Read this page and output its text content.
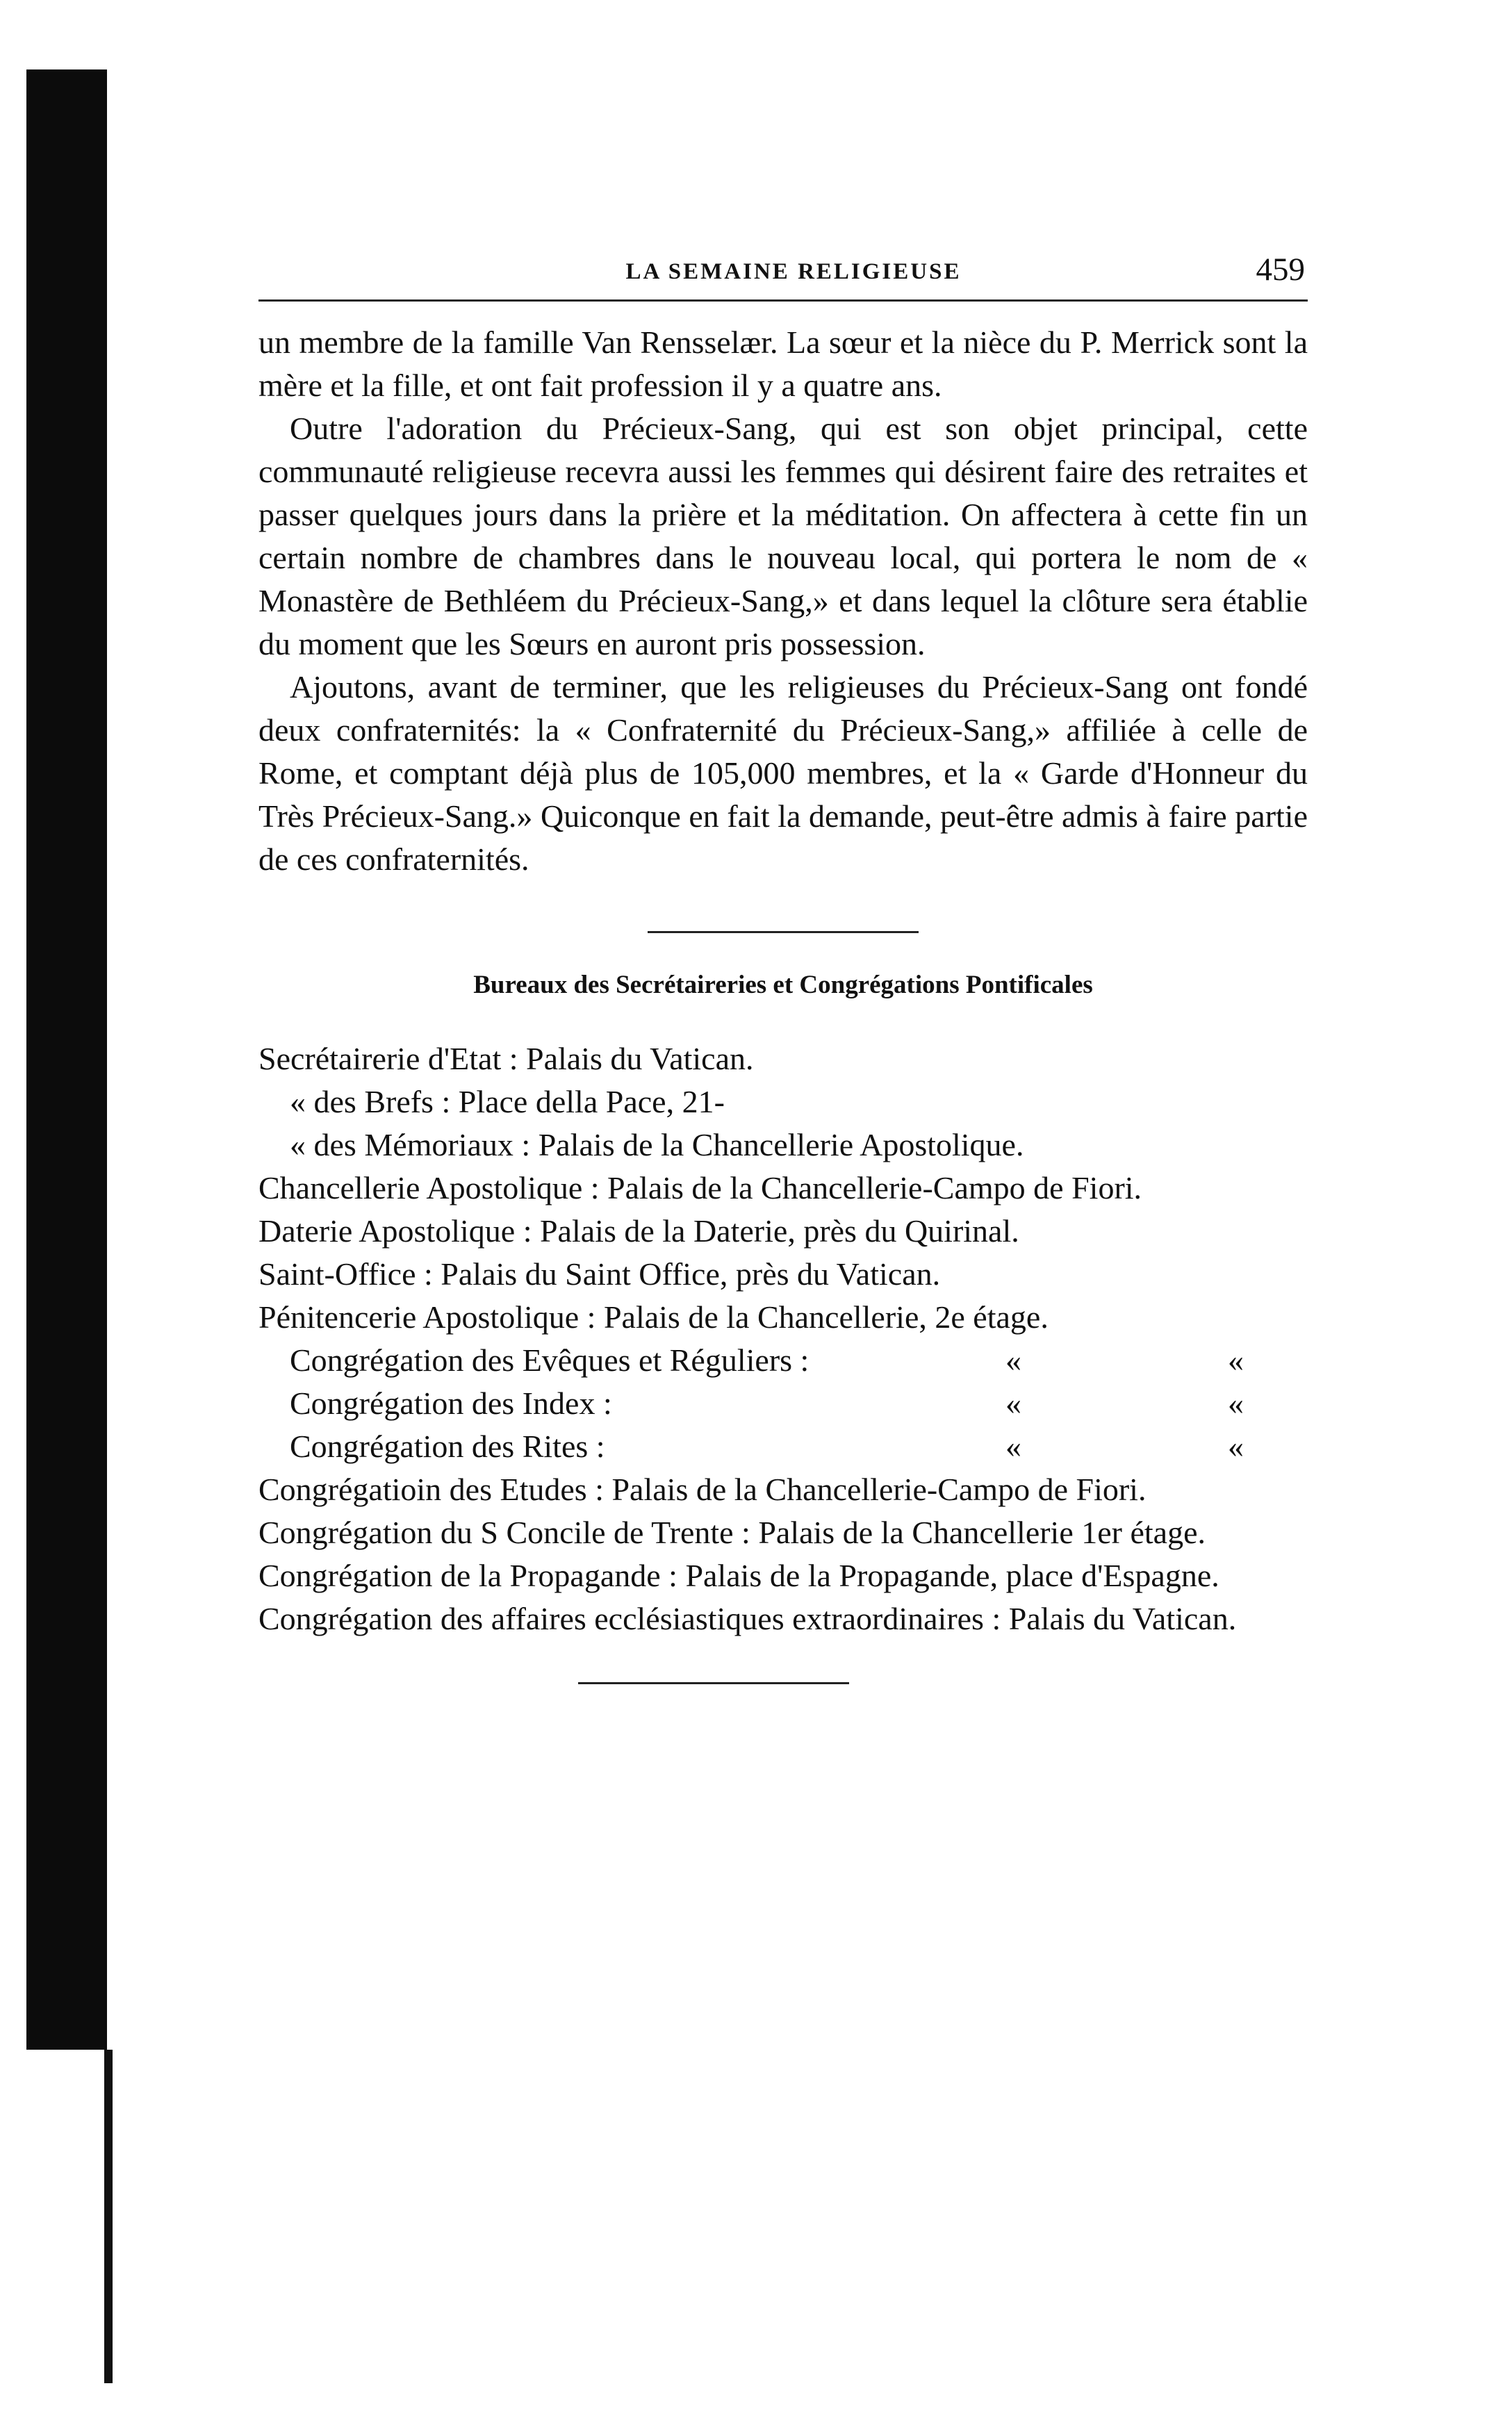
LA SEMAINE RELIGIEUSE	459

un membre de la famille Van Rensselær. La sœur et la nièce du P. Merrick sont la mère et la fille, et ont fait profession il y a quatre ans.

Outre l'adoration du Précieux-Sang, qui est son objet principal, cette communauté religieuse recevra aussi les femmes qui désirent faire des retraites et passer quelques jours dans la prière et la méditation. On affectera à cette fin un certain nombre de chambres dans le nouveau local, qui portera le nom de « Monastère de Bethléem du Précieux-Sang,» et dans lequel la clôture sera établie du moment que les Sœurs en auront pris possession.

Ajoutons, avant de terminer, que les religieuses du Précieux-Sang ont fondé deux confraternités: la « Confraternité du Précieux-Sang,» affiliée à celle de Rome, et comptant déjà plus de 105,000 membres, et la « Garde d'Honneur du Très Précieux-Sang.» Quiconque en fait la demande, peut-être admis à faire partie de ces confraternités.

Bureaux des Secrétaireries et Congrégations Pontificales
Secrétairerie d'Etat : Palais du Vatican.
« des Brefs : Place della Pace, 21-
« des Mémoriaux : Palais de la Chancellerie Apostolique.
Chancellerie Apostolique : Palais de la Chancellerie-Campo de Fiori.
Daterie Apostolique : Palais de la Daterie, près du Quirinal.
Saint-Office : Palais du Saint Office, près du Vatican.
Pénitencerie Apostolique : Palais de la Chancellerie, 2e étage.
Congrégation des Evêques et Réguliers :	«	«
Congrégation des Index :	«	«
Congrégation des Rites :	«	«
Congrégatioin des Etudes : Palais de la Chancellerie-Campo de Fiori.
Congrégation du S Concile de Trente : Palais de la Chancellerie 1er étage.
Congrégation de la Propagande : Palais de la Propagande, place d'Espagne.
Congrégation des affaires ecclésiastiques extraordinaires : Palais du Vatican.
